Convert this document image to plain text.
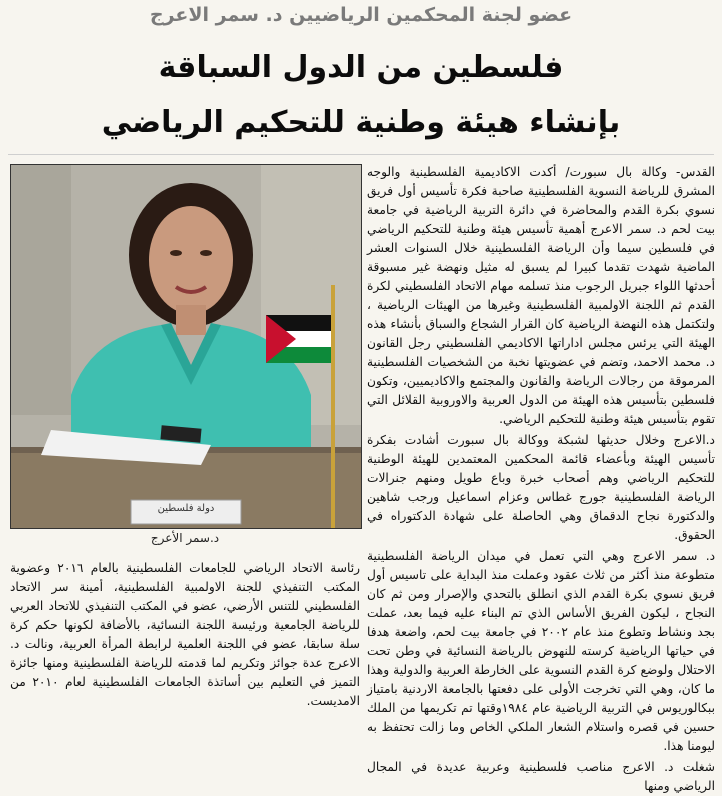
عضو لجنة المحكمين الرياضيين د. سمر الاعرج
فلسطين من الدول السباقة
بإنشاء هيئة وطنية للتحكيم الرياضي
دولة فلسطين
د.سمر الأعرج

القدس- وكالة بال سبورت/ أكدت الاكاديمية الفلسطينية والوجه المشرق للرياضة النسوية الفلسطينية صاحبة فكرة تأسيس أول فريق نسوي بكرة القدم والمحاضرة في دائرة التربية الرياضية في جامعة بيت لحم د. سمر الاعرج أهمية تأسيس هيئة وطنية للتحكيم الرياضي في فلسطين سيما وأن الرياضة الفلسطينية خلال السنوات العشر الماضية شهدت تقدما كبيرا لم يسبق له مثيل ونهضة غير مسبوقة أحدثها اللواء جبريل الرجوب منذ تسلمه مهام الاتحاد الفلسطيني لكرة القدم ثم اللجنة الاولمبية الفلسطينية وغيرها من الهيئات الرياضية ، ولتكتمل هذه النهضة الرياضية كان القرار الشجاع والسباق بأنشاء هذه الهيئة التي يرئس مجلس اداراتها الاكاديمي الفلسطيني رجل القانون د. محمد الاحمد، وتضم في عضويتها نخبة من الشخصيات الفلسطينية المرموقة من رجالات الرياضة والقانون والمجتمع والاكاديميين، وتكون فلسطين بتأسيس هذه الهيئة من الدول العربية والاوروبية القلائل التي تقوم بتأسيس هيئة وطنية للتحكيم الرياضي.

د.الاعرج وخلال حديثها لشبكة ووكالة بال سبورت أشادت بفكرة تأسيس الهيئة وبأعضاء قائمة المحكمين المعتمدين للهيئة الوطنية للتحكيم الرياضي وهم أصحاب خبرة وباع طويل ومنهم جنرالات الرياضة الفلسطينية جورج غطاس وعزام اسماعيل ورجب شاهين والدكتورة نجاح الدقماق وهي الحاصلة على شهادة الدكتوراه في الحقوق.

د. سمر الاعرج وهي التي تعمل في ميدان الرياضة الفلسطينية متطوعة منذ أكثر من ثلاث عقود وعملت منذ البداية على تاسيس أول فريق نسوي بكرة القدم الذي انطلق بالتحدي والإصرار ومن ثم كان النجاح ، ليكون الفريق الأساس الذي تم البناء عليه فيما بعد، عملت بجد ونشاط وتطوع منذ عام ٢٠٠٢ في جامعة بيت لحم، واضعة هدفا في حياتها الرياضية كرسته للنهوض بالرياضة النسائية في وطن تحت الاحتلال ولوضع كرة القدم النسوية على الخارطة العربية والدولية وهذا ما كان، وهي التي تخرجت الأولى على دفعتها بالجامعة الاردنية بامتياز ببكالوريوس في التربية الرياضية عام ١٩٨٤وقتها تم تكريمها من الملك حسين في قصره واستلام الشعار الملكي الخاص وما زالت تحتفظ به ليومنا هذا.

شغلت د. الاعرج مناصب فلسطينية وعربية عديدة في المجال الرياضي ومنها

رئاسة الاتحاد الرياضي للجامعات الفلسطينية بالعام ٢٠١٦ وعضوية المكتب التنفيذي للجنة الاولمبية الفلسطينية، أمينة سر الاتحاد الفلسطيني للتنس الأرضي، عضو في المكتب التنفيذي للاتحاد العربي للرياضة الجامعية ورئيسة اللجنة النسائية، بالأضافة لكونها حكم كرة سلة سابقا، عضو في اللجنة العلمية لرابطة المرأة العربية، ونالت د. الاعرج عدة جوائز وتكريم لما قدمته للرياضة الفلسطينية ومنها جائزة التميز في التعليم بين أساتذة الجامعات الفلسطينية لعام ٢٠١٠ من الامديست.
